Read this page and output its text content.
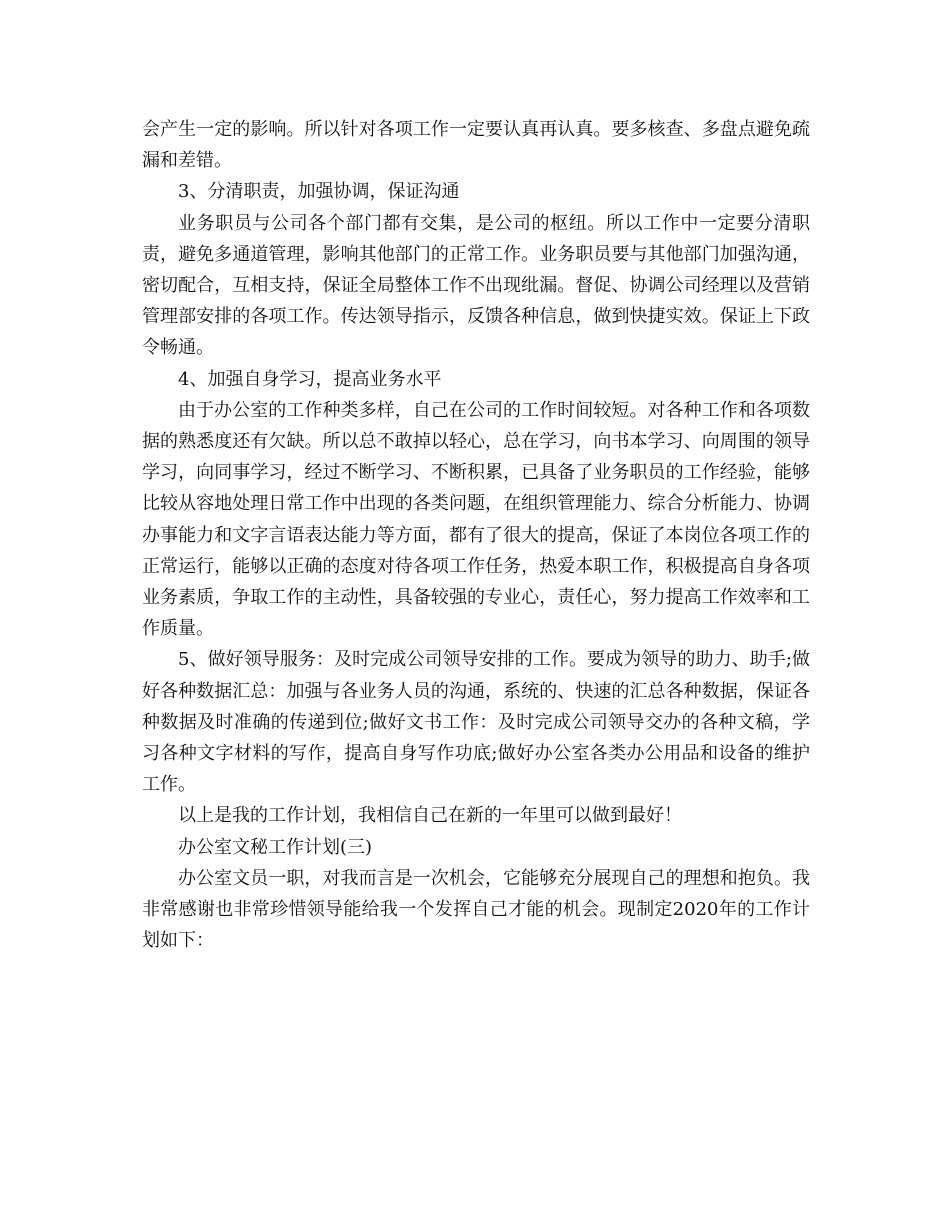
会产生一定的影响。所以针对各项工作一定要认真再认真。要多核查、多盘点避免疏漏和差错。

3、分清职责，加强协调，保证沟通

业务职员与公司各个部门都有交集，是公司的枢纽。所以工作中一定要分清职责，避免多通道管理，影响其他部门的正常工作。业务职员要与其他部门加强沟通，密切配合，互相支持，保证全局整体工作不出现纰漏。督促、协调公司经理以及营销管理部安排的各项工作。传达领导指示，反馈各种信息，做到快捷实效。保证上下政令畅通。

4、加强自身学习，提高业务水平

由于办公室的工作种类多样，自己在公司的工作时间较短。对各种工作和各项数据的熟悉度还有欠缺。所以总不敢掉以轻心，总在学习，向书本学习、向周围的领导学习，向同事学习，经过不断学习、不断积累，已具备了业务职员的工作经验，能够比较从容地处理日常工作中出现的各类问题，在组织管理能力、综合分析能力、协调办事能力和文字言语表达能力等方面，都有了很大的提高，保证了本岗位各项工作的正常运行，能够以正确的态度对待各项工作任务，热爱本职工作，积极提高自身各项业务素质，争取工作的主动性，具备较强的专业心，责任心，努力提高工作效率和工作质量。

5、做好领导服务：及时完成公司领导安排的工作。要成为领导的助力、助手;做好各种数据汇总：加强与各业务人员的沟通，系统的、快速的汇总各种数据，保证各种数据及时准确的传递到位;做好文书工作：及时完成公司领导交办的各种文稿，学习各种文字材料的写作，提高自身写作功底;做好办公室各类办公用品和设备的维护工作。

以上是我的工作计划，我相信自己在新的一年里可以做到最好！

办公室文秘工作计划(三)

办公室文员一职，对我而言是一次机会，它能够充分展现自己的理想和抱负。我非常感谢也非常珍惜领导能给我一个发挥自己才能的机会。现制定2020年的工作计划如下：
